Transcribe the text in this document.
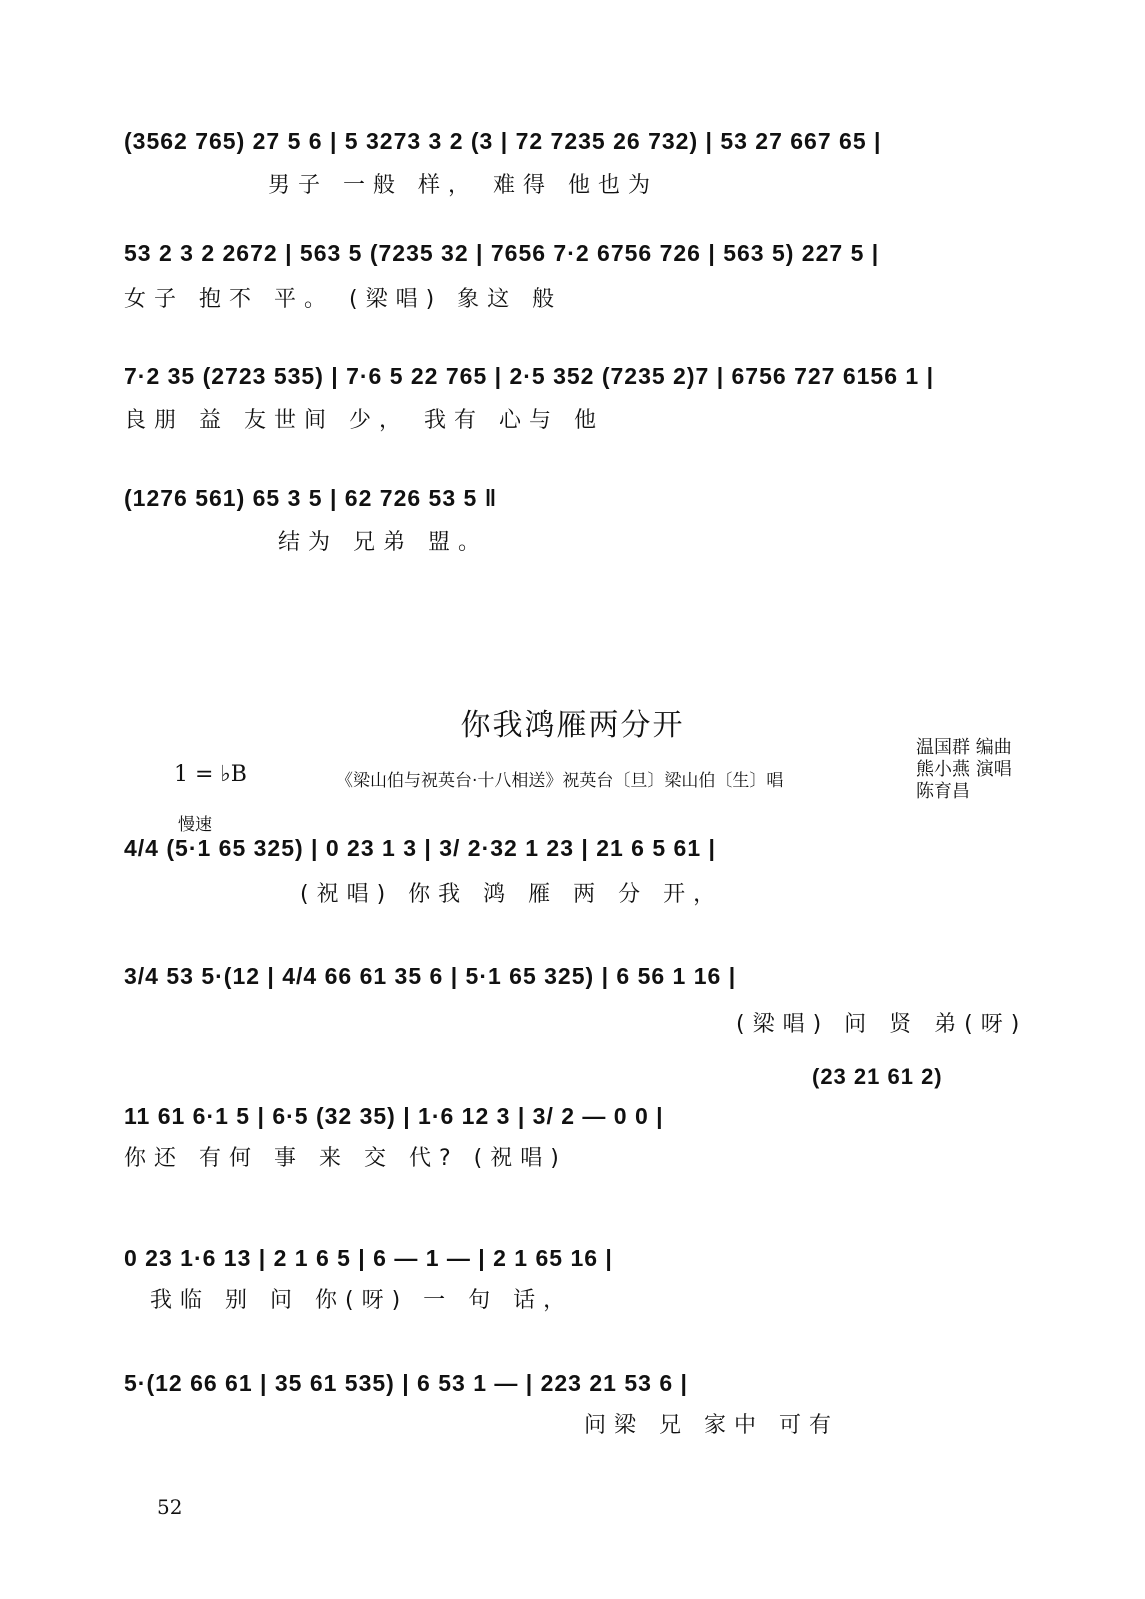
(3562 765) 27 5 6 | 5 3273 3 2 (3 | 72 7235 26 732) | 53 27 667 65 |
男子 一般 样， 难得 他也为
53 2 3 2 2672 | 563 5 (7235 32 | 7656 7·2 6756 726 | 563 5) 227 5 |
女子 抱不 平。 (梁唱) 象这 般
7·2 35 (2723 535) | 7·6 5 22 765 | 2·5 352 (7235 2)7 | 6756 727 6156 1 |
良朋 益 友世间 少， 我有 心与 他
(1276 561) 65 3 5 | 62 726 53 5 ‖
结为 兄弟 盟。
你我鸿雁两分开
1 = ♭B	《梁山伯与祝英台·十八相送》祝英台〔旦〕梁山伯〔生〕唱
温国群 编曲
熊小燕 演唱
陈育昌
慢速
4/4 (5·1 65 325) | 0 23 1 3 | 3/ 2·32 1 23 | 21 6 5 61 |
(祝唱) 你我 鸿 雁 两 分 开，
3/4 53 5·(12 | 4/4 66 61 35 6 | 5·1 65 325) | 6 56 1 16 |
(梁唱) 问 贤 弟(呀)
(23 21 61 2)
11 61 6·1 5 | 6·5 (32 35) | 1·6 12 3 | 3/ 2 — 0 0 |
你还 有何 事 来 交 代? (祝唱)
0 23 1·6 13 | 2 1 6 5 | 6 — 1 — | 2 1 65 16 |
我临 别 问 你(呀) 一 句 话，
5·(12 66 61 | 35 61 535) | 6 53 1 — | 223 21 53 6 |
问梁 兄 家中 可有
52
